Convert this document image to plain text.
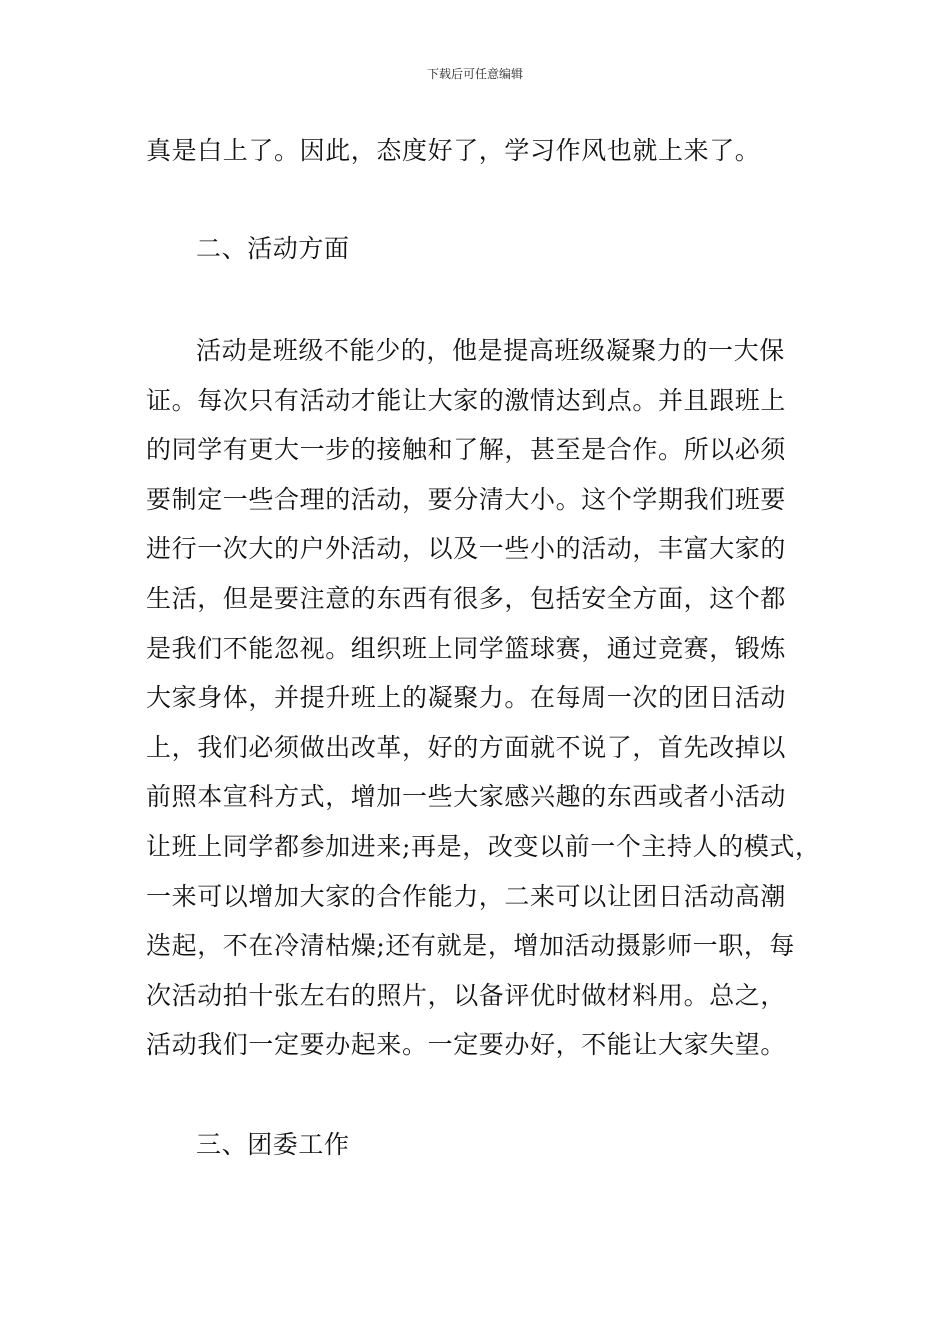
下载后可任意编辑
真是白上了。因此，态度好了，学习作风也就上来了。
二、活动方面
活动是班级不能少的，他是提高班级凝聚力的一大保
证。每次只有活动才能让大家的激情达到点。并且跟班上
的同学有更大一步的接触和了解，甚至是合作。所以必须
要制定一些合理的活动，要分清大小。这个学期我们班要
进行一次大的户外活动，以及一些小的活动，丰富大家的
生活，但是要注意的东西有很多，包括安全方面，这个都
是我们不能忽视。组织班上同学篮球赛，通过竞赛，锻炼
大家身体，并提升班上的凝聚力。在每周一次的团日活动
上，我们必须做出改革，好的方面就不说了，首先改掉以
前照本宣科方式，增加一些大家感兴趣的东西或者小活动
让班上同学都参加进来;再是，改变以前一个主持人的模式，
一来可以增加大家的合作能力，二来可以让团日活动高潮
迭起，不在冷清枯燥;还有就是，增加活动摄影师一职，每
次活动拍十张左右的照片，以备评优时做材料用。总之，
活动我们一定要办起来。一定要办好，不能让大家失望。
三、团委工作
